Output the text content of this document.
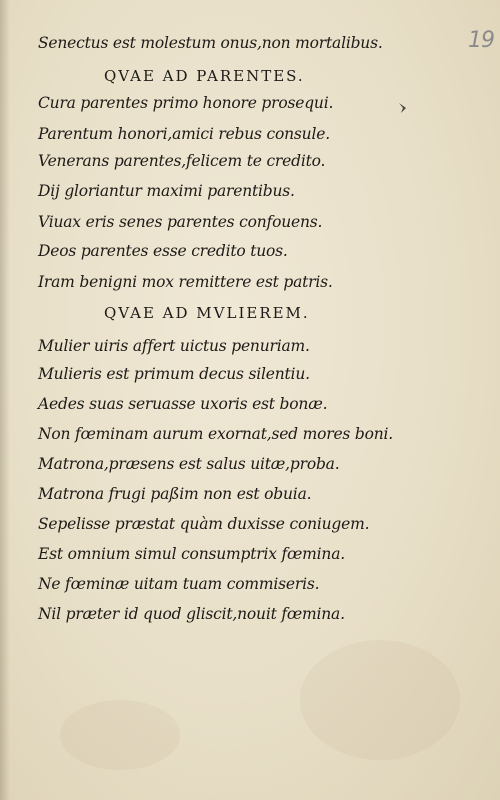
19
Senectus est molestum onus,non mortalibus.
QVAE AD PARENTES.
Cura parentes primo honore prosequi.
Parentum honori,amici rebus consule.
Venerans parentes,felicem te credito.
Dij gloriantur maximi parentibus.
Viuax eris senes parentes confouens.
Deos parentes esse credito tuos.
Iram benigni mox remittere est patris.
QVAE AD MVLIEREM.
Mulier uiris affert uictus penuriam.
Mulieris est primum decus silentiu.
Aedes suas seruasse uxoris est bonæ.
Non fœminam aurum exornat,sed mores boni.
Matrona,præsens est salus uitæ,proba.
Matrona frugi paßim non est obuia.
Sepelisse præstat quàm duxisse coniugem.
Est omnium simul consumptrix fœmina.
Ne fœminæ uitam tuam commiseris.
Nil præter id quod gliscit,nouit fœmina.
